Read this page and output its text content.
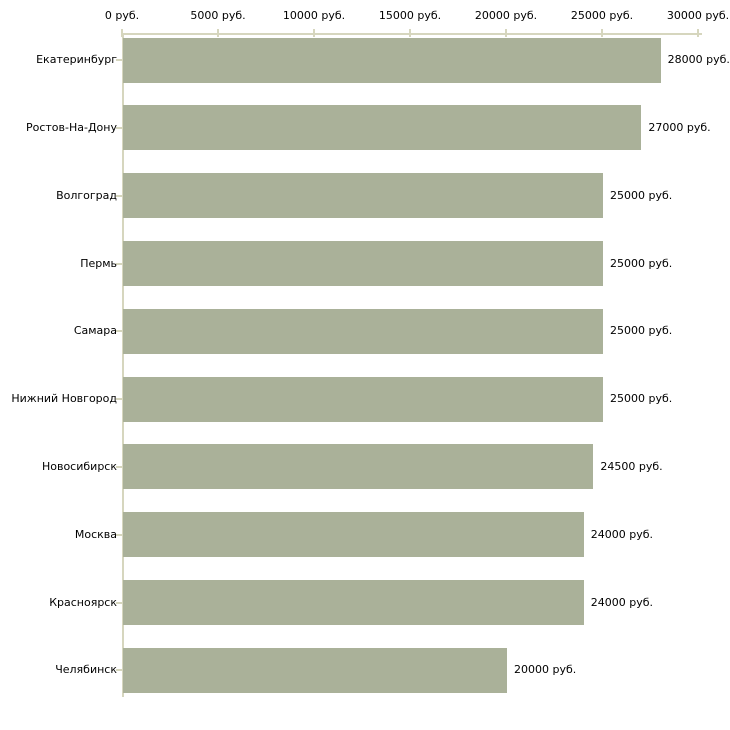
0 руб.	5000 руб.	10000 руб.	15000 руб.	20000 руб.	25000 руб.	30000 руб.
Екатеринбург	28000 руб.
Ростов-На-Дону	27000 руб.
Волгоград	25000 руб.
Пермь	25000 руб.
Самара	25000 руб.
Нижний Новгород	25000 руб.
Новосибирск	24500 руб.
Москва	24000 руб.
Красноярск	24000 руб.
Челябинск	20000 руб.
